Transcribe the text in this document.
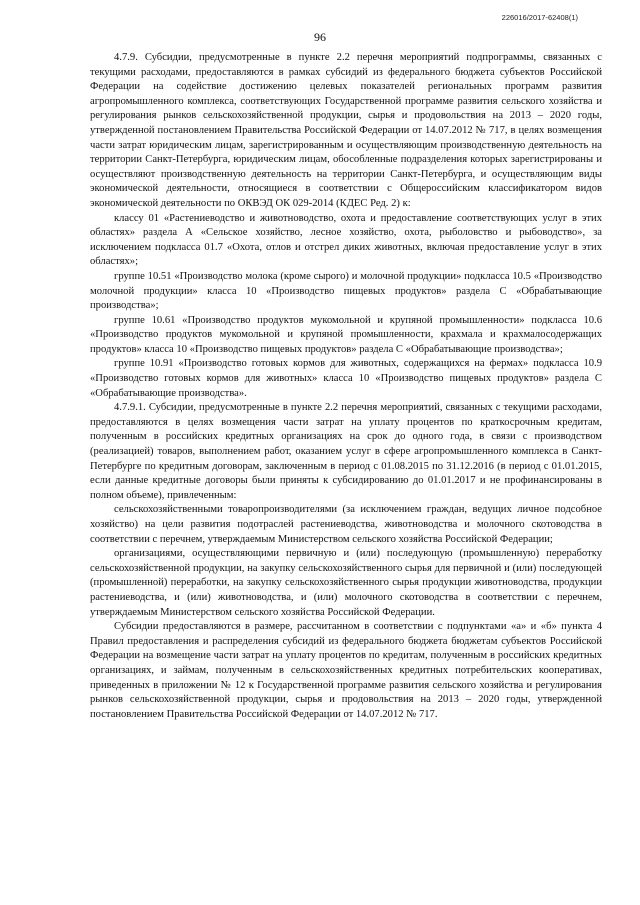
226016/2017-62408(1)
96

4.7.9. Субсидии, предусмотренные в пункте 2.2 перечня мероприятий подпрограммы, связанных с текущими расходами, предоставляются в рамках субсидий из федерального бюджета субъектов Российской Федерации на содействие достижению целевых показателей региональных программ развития агропромышленного комплекса, соответствующих Государственной программе развития сельского хозяйства и регулирования рынков сельскохозяйственной продукции, сырья и продовольствия на 2013 – 2020 годы, утвержденной постановлением Правительства Российской Федерации от 14.07.2012 № 717, в целях возмещения части затрат юридическим лицам, зарегистрированным и осуществляющим производственную деятельность на территории Санкт-Петербурга, юридическим лицам, обособленные подразделения которых зарегистрированы и осуществляют производственную деятельность на территории Санкт-Петербурга, и осуществляющим виды экономической деятельности, относящиеся в соответствии с Общероссийским классификатором видов экономической деятельности по ОКВЭД ОК 029-2014 (КДЕС Ред. 2) к:

классу 01 «Растениеводство и животноводство, охота и предоставление соответствующих услуг в этих областях» раздела А «Сельское хозяйство, лесное хозяйство, охота, рыболовство и рыбоводство», за исключением подкласса 01.7 «Охота, отлов и отстрел диких животных, включая предоставление услуг в этих областях»;

группе 10.51 «Производство молока (кроме сырого) и молочной продукции» подкласса 10.5 «Производство молочной продукции» класса 10 «Производство пищевых продуктов» раздела С «Обрабатывающие производства»;

группе 10.61 «Производство продуктов мукомольной и крупяной промышленности» подкласса 10.6 «Производство продуктов мукомольной и крупяной промышленности, крахмала и крахмалосодержащих продуктов» класса 10 «Производство пищевых продуктов» раздела С «Обрабатывающие производства»;

группе 10.91 «Производство готовых кормов для животных, содержащихся на фермах» подкласса 10.9 «Производство готовых кормов для животных» класса 10 «Производство пищевых продуктов» раздела С «Обрабатывающие производства».

4.7.9.1. Субсидии, предусмотренные в пункте 2.2 перечня мероприятий, связанных с текущими расходами, предоставляются в целях возмещения части затрат на уплату процентов по краткосрочным кредитам, полученным в российских кредитных организациях на срок до одного года, в связи с производством (реализацией) товаров, выполнением работ, оказанием услуг в сфере агропромышленного комплекса в Санкт-Петербурге по кредитным договорам, заключенным в период с 01.08.2015 по 31.12.2016 (в период с 01.01.2015, если данные кредитные договоры были приняты к субсидированию до 01.01.2017 и не профинансированы в полном объеме), привлеченным:

сельскохозяйственными товаропроизводителями (за исключением граждан, ведущих личное подсобное хозяйство) на цели развития подотраслей растениеводства, животноводства и молочного скотоводства в соответствии с перечнем, утверждаемым Министерством сельского хозяйства Российской Федерации;

организациями, осуществляющими первичную и (или) последующую (промышленную) переработку сельскохозяйственной продукции, на закупку сельскохозяйственного сырья для первичной и (или) последующей (промышленной) переработки, на закупку сельскохозяйственного сырья продукции животноводства, продукции растениеводства, и (или) животноводства, и (или) молочного скотоводства в соответствии с перечнем, утверждаемым Министерством сельского хозяйства Российской Федерации.

Субсидии предоставляются в размере, рассчитанном в соответствии с подпунктами «а» и «б» пункта 4 Правил предоставления и распределения субсидий из федерального бюджета бюджетам субъектов Российской Федерации на возмещение части затрат на уплату процентов по кредитам, полученным в российских кредитных организациях, и займам, полученным в сельскохозяйственных кредитных потребительских кооперативах, приведенных в приложении № 12 к Государственной программе развития сельского хозяйства и регулирования рынков сельскохозяйственной продукции, сырья и продовольствия на 2013 – 2020 годы, утвержденной постановлением Правительства Российской Федерации от 14.07.2012 № 717.
